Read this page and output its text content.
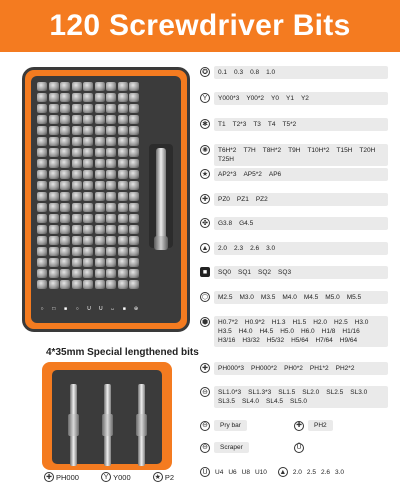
120 Screwdriver Bits
○ □ ■ ○ U U ᴗ ■ ⊕
4*35mm Special lengthened bits
✚ PH000	Y Y000	★ P2
✪	0.1 0.3 0.8 1.0
Y	Y000*3 Y00*2 Y0 Y1 Y2
✱	T1 T2*3 T3 T4 T5*2
✺	T6H*2 T7H T8H*2 T9H T10H*2 T15H T20H
T25H
★ AP2*3 AP5*2 AP6
✚	PZ0 PZ1 PZ2
✤	G3.8 G4.5
▲ 2.0 2.3 2.6 3.0
■	SQ0 SQ1 SQ2 SQ3
⬡ M2.5 M3.0 M3.5 M4.0 M4.5 M5.0 M5.5
⬢ H0.7*2 H0.9*2 H1.3 H1.5 H2.0 H2.5 H3.0
H3.5 H4.0 H4.5 H5.0 H6.0 H1/8 H1/16
H3/16 H3/32 H5/32 H5/64 H7/64 H9/64
✚	PH000*3 PH000*2 PH0*2 PH1*2 PH2*2
⊖	SL1.0*3 SL1.3*3 SL1.5 SL2.0 SL2.5 SL3.0
SL3.5 SL4.0 SL4.5 SL5.0
⊖	Pry bar	✚	PH2
⊖	Scraper	Ü
U	U4 U6 U8 U10 ▲ 2.0 2.5 2.6 3.0
